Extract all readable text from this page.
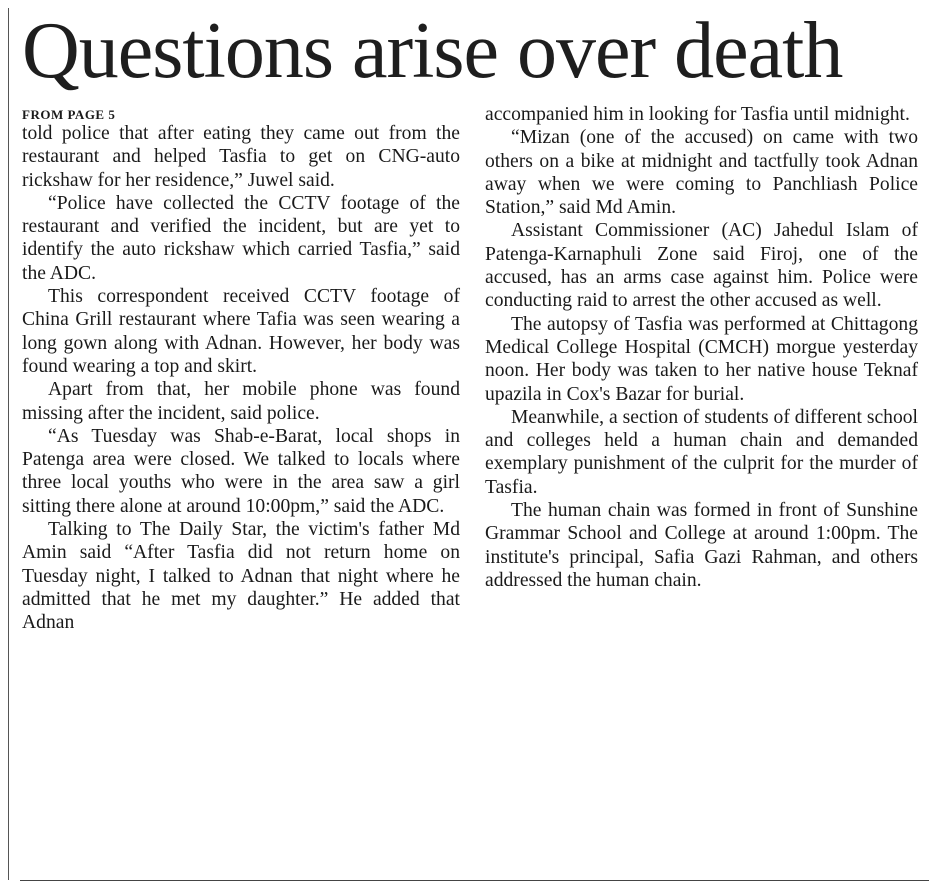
Questions arise over death

FROM PAGE 5

told police that after eating they came out from the restaurant and helped Tasfia to get on CNG-auto rickshaw for her residence,” Juwel said.

“Police have collected the CCTV footage of the restaurant and verified the incident, but are yet to identify the auto rickshaw which carried Tasfia,” said the ADC.

This correspondent received CCTV footage of China Grill restaurant where Tafia was seen wearing a long gown along with Adnan. However, her body was found wearing a top and skirt.

Apart from that, her mobile phone was found missing after the incident, said police.

“As Tuesday was Shab-e-Barat, local shops in Patenga area were closed. We talked to locals where three local youths who were in the area saw a girl sitting there alone at around 10:00pm,” said the ADC.

Talking to The Daily Star, the victim's father Md Amin said “After Tasfia did not return home on Tuesday night, I talked to Adnan that night where he admitted that he met my daughter.” He added that Adnan

accompanied him in looking for Tasfia until midnight.

“Mizan (one of the accused) on came with two others on a bike at midnight and tactfully took Adnan away when we were coming to Panchliash Police Station,” said Md Amin.

Assistant Commissioner (AC) Jahedul Islam of Patenga-Karnaphuli Zone said Firoj, one of the accused, has an arms case against him. Police were conducting raid to arrest the other accused as well.

The autopsy of Tasfia was performed at Chittagong Medical College Hospital (CMCH) morgue yesterday noon. Her body was taken to her native house Teknaf upazila in Cox's Bazar for burial.

Meanwhile, a section of students of different school and colleges held a human chain and demanded exemplary punishment of the culprit for the murder of Tasfia.

The human chain was formed in front of Sunshine Grammar School and College at around 1:00pm. The institute's principal, Safia Gazi Rahman, and others addressed the human chain.
